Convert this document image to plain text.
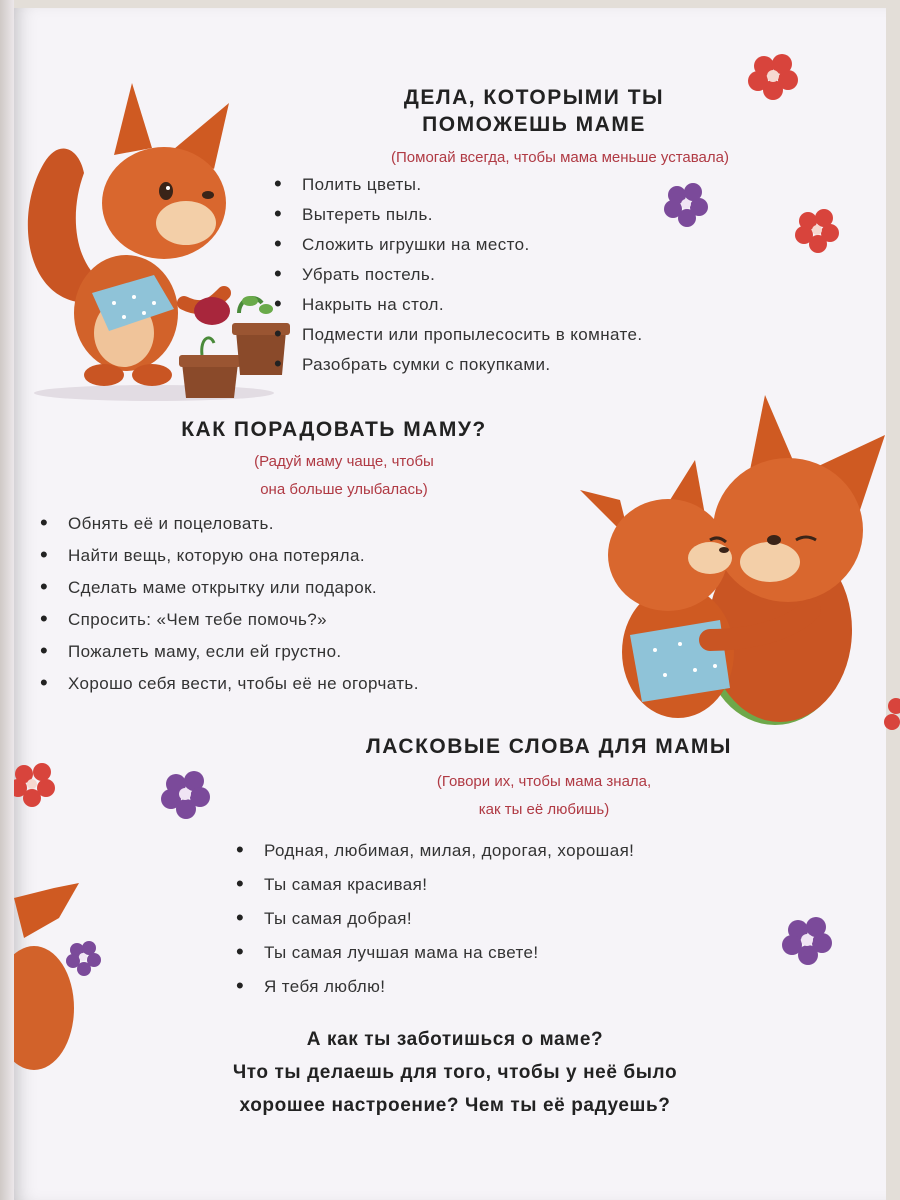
ДЕЛА, КОТОРЫМИ ТЫ
ПОМОЖЕШЬ МАМЕ

(Помогай всегда, чтобы мама меньше уставала)

• Полить цветы.
• Вытереть пыль.
• Сложить игрушки на место.
• Убрать постель.
• Накрыть на стол.
• Подмести или пропылесосить в комнате.
• Разобрать сумки с покупками.
КАК ПОРАДОВАТЬ МАМУ?

(Радуй маму чаще, чтобы
она больше улыбалась)

• Обнять её и поцеловать.
• Найти вещь, которую она потеряла.
• Сделать маме открытку или подарок.
• Спросить: «Чем тебе помочь?»
• Пожалеть маму, если ей грустно.
• Хорошо себя вести, чтобы её не огорчать.
ЛАСКОВЫЕ СЛОВА ДЛЯ МАМЫ

(Говори их, чтобы мама знала,
как ты её любишь)

• Родная, любимая, милая, дорогая, хорошая!
• Ты самая красивая!
• Ты самая добрая!
• Ты самая лучшая мама на свете!
• Я тебя люблю!

А как ты заботишься о маме?
Что ты делаешь для того, чтобы у неё было
хорошее настроение? Чем ты её радуешь?
